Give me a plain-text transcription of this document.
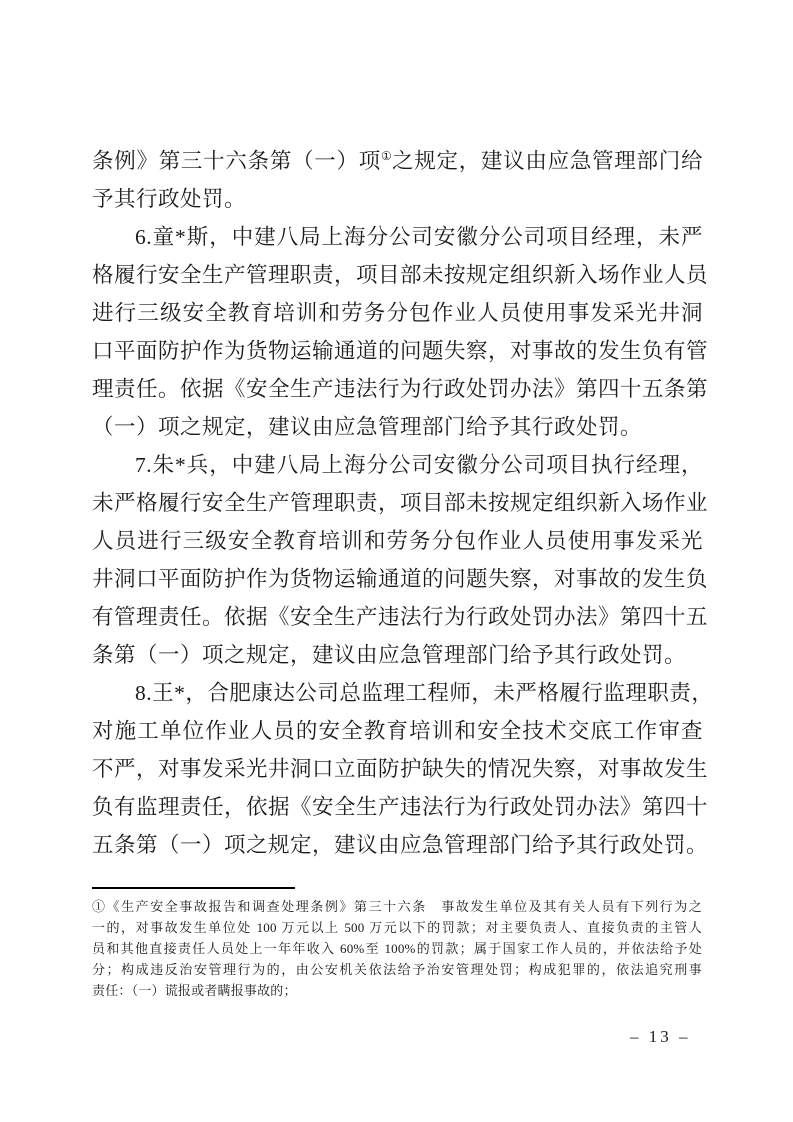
条例》第三十六条第（一）项①之规定，建议由应急管理部门给
予其行政处罚。
6.童*斯，中建八局上海分公司安徽分公司项目经理，未严
格履行安全生产管理职责，项目部未按规定组织新入场作业人员
进行三级安全教育培训和劳务分包作业人员使用事发采光井洞
口平面防护作为货物运输通道的问题失察，对事故的发生负有管
理责任。依据《安全生产违法行为行政处罚办法》第四十五条第
（一）项之规定，建议由应急管理部门给予其行政处罚。
7.朱*兵，中建八局上海分公司安徽分公司项目执行经理，
未严格履行安全生产管理职责，项目部未按规定组织新入场作业
人员进行三级安全教育培训和劳务分包作业人员使用事发采光
井洞口平面防护作为货物运输通道的问题失察，对事故的发生负
有管理责任。依据《安全生产违法行为行政处罚办法》第四十五
条第（一）项之规定，建议由应急管理部门给予其行政处罚。
8.王*，合肥康达公司总监理工程师，未严格履行监理职责，
对施工单位作业人员的安全教育培训和安全技术交底工作审查
不严，对事发采光井洞口立面防护缺失的情况失察，对事故发生
负有监理责任，依据《安全生产违法行为行政处罚办法》第四十
五条第（一）项之规定，建议由应急管理部门给予其行政处罚。
①《生产安全事故报告和调查处理条例》第三十六条　事故发生单位及其有关人员有下列行为之
一的，对事故发生单位处 100 万元以上 500 万元以下的罚款；对主要负责人、直接负责的主管人
员和其他直接责任人员处上一年年收入 60%至 100%的罚款；属于国家工作人员的，并依法给予处
分；构成违反治安管理行为的，由公安机关依法给予治安管理处罚；构成犯罪的，依法追究刑事
责任：（一）谎报或者瞒报事故的；
– 13 –
